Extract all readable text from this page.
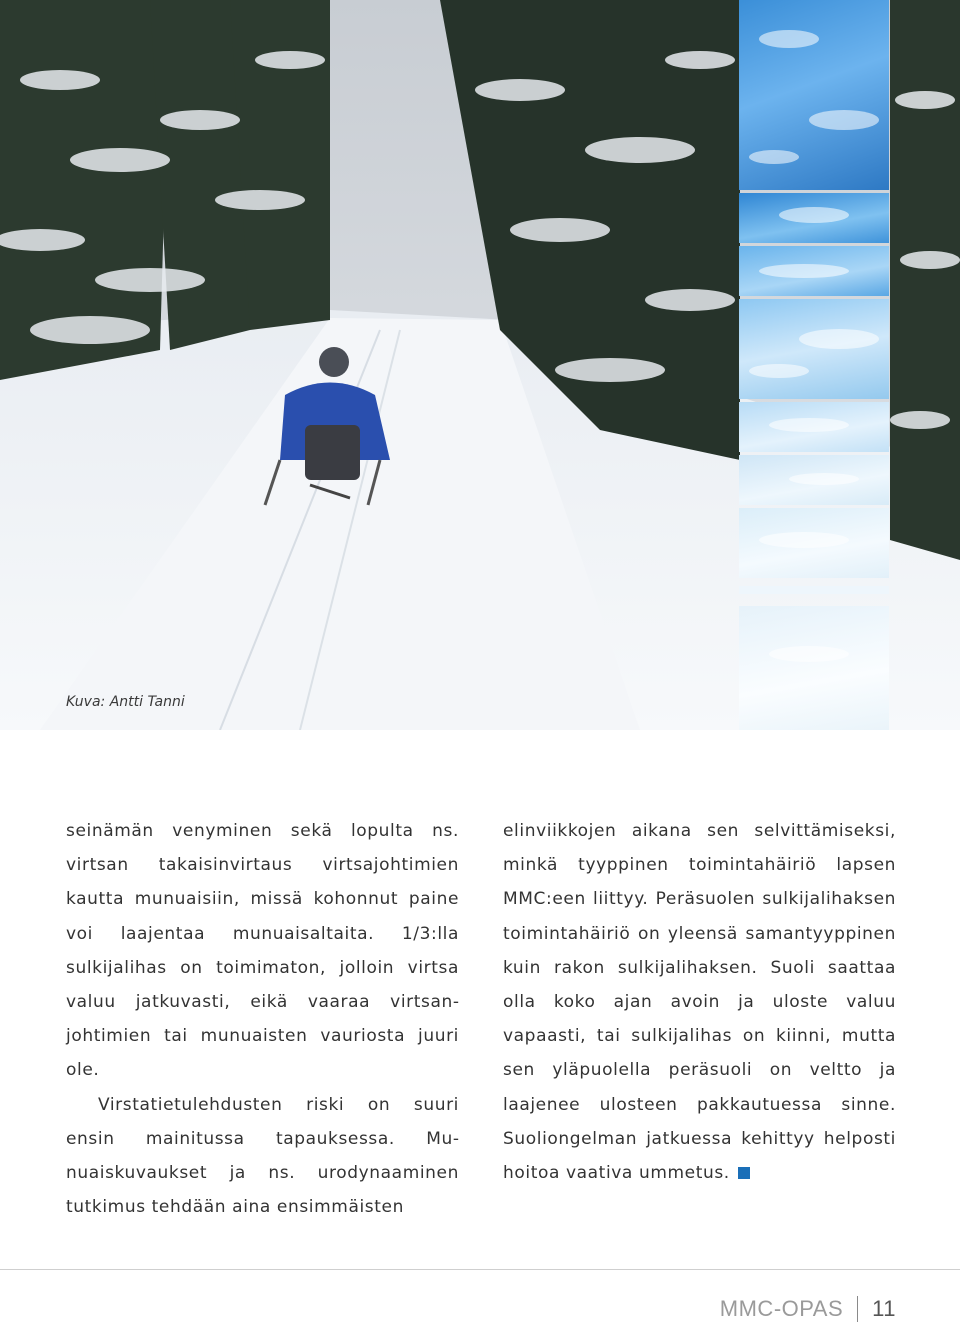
Kuva: Antti Tanni

seinämän venyminen sekä lopulta ns. virtsan takaisinvirtaus virtsajohtimien kautta munuaisiin, missä kohonnut paine voi laajentaa munuaisaltaita. 1/3:lla sulkijalihas on toimimaton, jolloin virtsa valuu jatkuvasti, eikä vaaraa virtsanjohtimien tai munuaisten vauriosta juuri ole.

Virstatietulehdusten riski on suuri ensin mainitussa tapauksessa. Munuaiskuvaukset ja ns. urodynaaminen tutkimus tehdään aina ensimmäisten

elinviikkojen aikana sen selvittämiseksi, minkä tyyppinen toimintahäiriö lapsen MMC:een liittyy. Peräsuolen sulkijalihaksen toimintahäiriö on yleensä samantyyppinen kuin rakon sulkijalihaksen. Suoli saattaa olla koko ajan avoin ja uloste valuu vapaasti, tai sulkijalihas on kiinni, mutta sen yläpuolella peräsuoli on veltto ja laajenee ulosteen pakkautuessa sinne. Suoliongelman jatkuessa kehittyy helposti hoitoa vaativa ummetus.

MMC-OPAS 11
